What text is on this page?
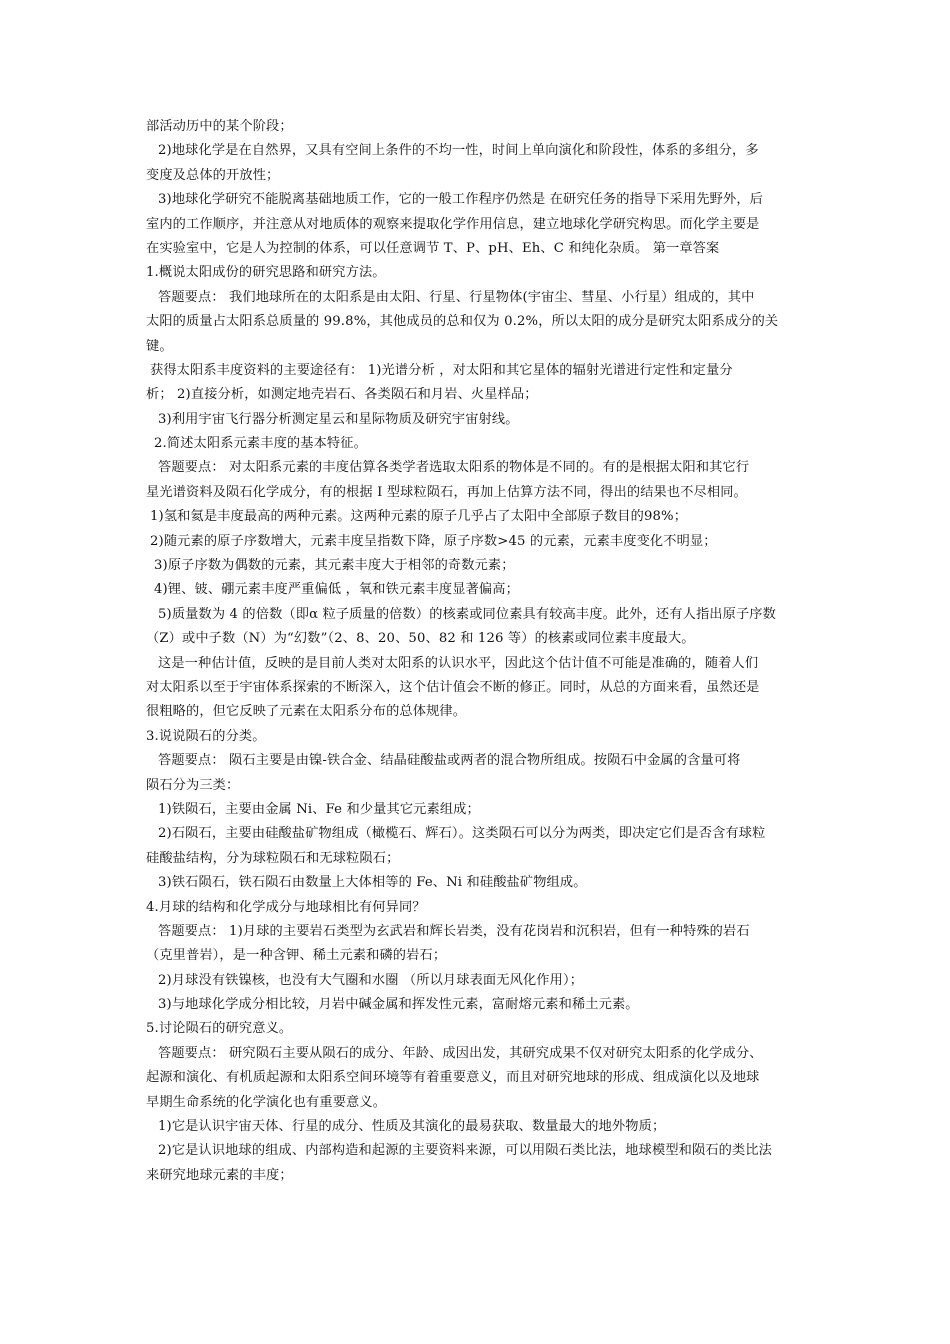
部活动历中的某个阶段；
2)地球化学是在自然界，又具有空间上条件的不均一性，时间上单向演化和阶段性，体系的多组分，多
变度及总体的开放性；
3)地球化学研究不能脱离基础地质工作，它的一般工作程序仍然是 在研究任务的指导下采用先野外，后
室内的工作顺序，并注意从对地质体的观察来提取化学作用信息，建立地球化学研究构思。而化学主要是
在实验室中，它是人为控制的体系，可以任意调节 T、P、pH、Eh、C 和纯化杂质。 第一章答案
1.概说太阳成份的研究思路和研究方法。
答题要点： 我们地球所在的太阳系是由太阳、行星、行星物体(宇宙尘、彗星、小行星）组成的，其中
太阳的质量占太阳系总质量的 99.8%，其他成员的总和仅为 0.2%，所以太阳的成分是研究太阳系成分的关
键。
获得太阳系丰度资料的主要途径有： 1)光谱分析 ，对太阳和其它星体的辐射光谱进行定性和定量分
析； 2)直接分析，如测定地壳岩石、各类陨石和月岩、火星样品；
3)利用宇宙飞行器分析测定星云和星际物质及研究宇宙射线。
2.简述太阳系元素丰度的基本特征。
答题要点： 对太阳系元素的丰度估算各类学者选取太阳系的物体是不同的。有的是根据太阳和其它行
星光谱资料及陨石化学成分，有的根据 I 型球粒陨石，再加上估算方法不同，得出的结果也不尽相同。
1)氢和氦是丰度最高的两种元素。这两种元素的原子几乎占了太阳中全部原子数目的98%；
2)随元素的原子序数增大，元素丰度呈指数下降，原子序数>45 的元素，元素丰度变化不明显；
3)原子序数为偶数的元素，其元素丰度大于相邻的奇数元素；
4)锂、铍、硼元素丰度严重偏低 ，氧和铁元素丰度显著偏高；
5)质量数为 4 的倍数（即α 粒子质量的倍数）的核素或同位素具有较高丰度。此外，还有人指出原子序数
（Z）或中子数（N）为“幻数”（2、8、20、50、82 和 126 等）的核素或同位素丰度最大。
这是一种估计值，反映的是目前人类对太阳系的认识水平，因此这个估计值不可能是准确的，随着人们
对太阳系以至于宇宙体系探索的不断深入，这个估计值会不断的修正。同时，从总的方面来看，虽然还是
很粗略的，但它反映了元素在太阳系分布的总体规律。
3.说说陨石的分类。
答题要点： 陨石主要是由镍-铁合金、结晶硅酸盐或两者的混合物所组成。按陨石中金属的含量可将
陨石分为三类：
1)铁陨石，主要由金属 Ni、Fe 和少量其它元素组成；
2)石陨石，主要由硅酸盐矿物组成（橄榄石、辉石）。这类陨石可以分为两类，即决定它们是否含有球粒
硅酸盐结构，分为球粒陨石和无球粒陨石；
3)铁石陨石，铁石陨石由数量上大体相等的 Fe、Ni 和硅酸盐矿物组成。
4.月球的结构和化学成分与地球相比有何异同？
答题要点： 1)月球的主要岩石类型为玄武岩和辉长岩类，没有花岗岩和沉积岩，但有一种特殊的岩石
（克里普岩），是一种含钾、稀土元素和磷的岩石；
2)月球没有铁镍核，也没有大气圈和水圈 （所以月球表面无风化作用）；
3)与地球化学成分相比较，月岩中碱金属和挥发性元素，富耐熔元素和稀土元素。
5.讨论陨石的研究意义。
答题要点： 研究陨石主要从陨石的成分、年龄、成因出发，其研究成果不仅对研究太阳系的化学成分、
起源和演化、有机质起源和太阳系空间环境等有着重要意义，而且对研究地球的形成、组成演化以及地球
早期生命系统的化学演化也有重要意义。
1)它是认识宇宙天体、行星的成分、性质及其演化的最易获取、数量最大的地外物质；
2)它是认识地球的组成、内部构造和起源的主要资料来源，可以用陨石类比法，地球模型和陨石的类比法
来研究地球元素的丰度；
